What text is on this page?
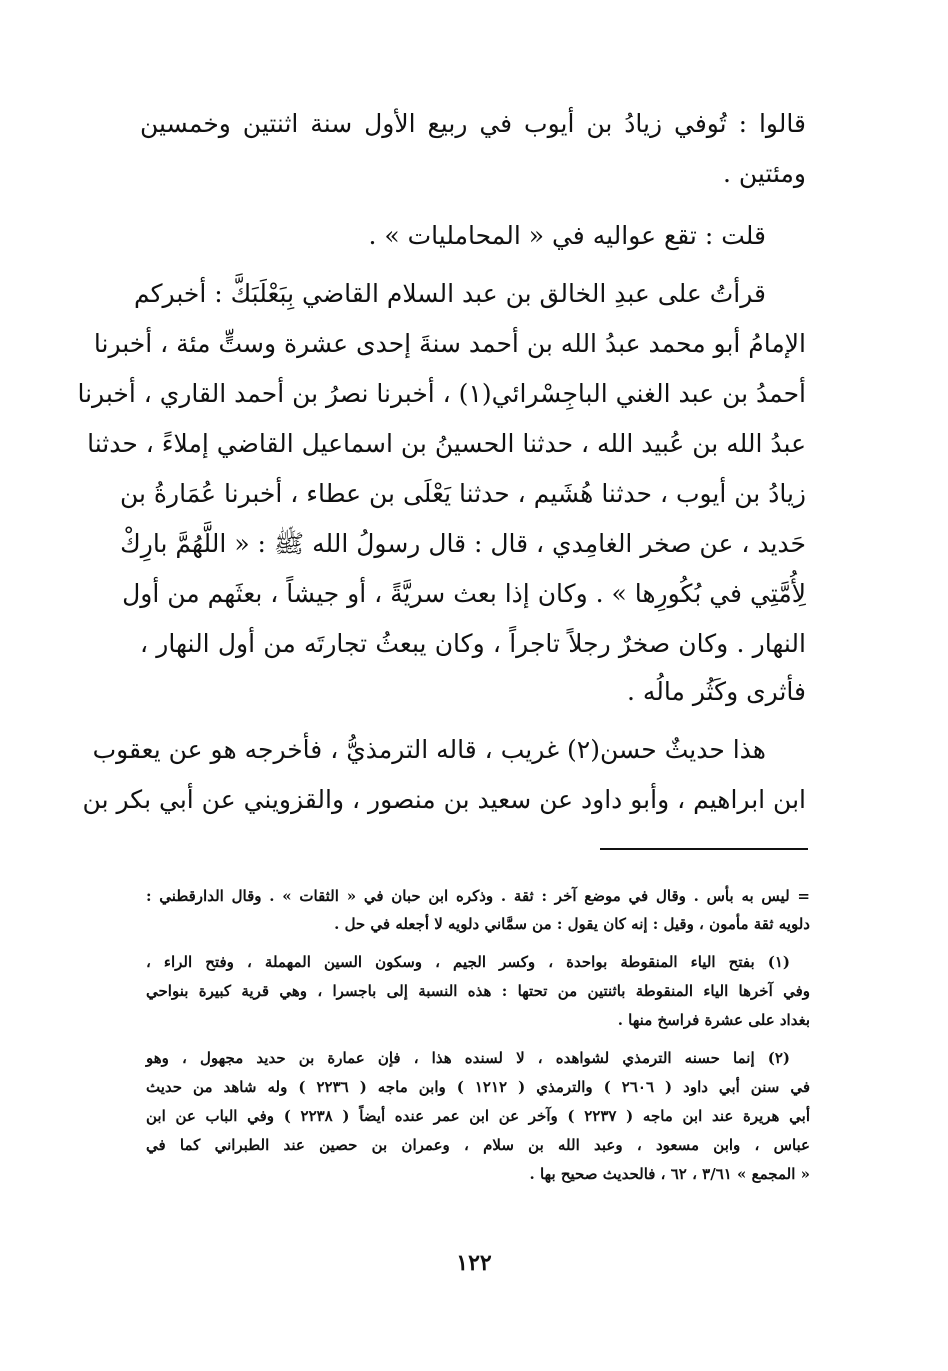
قالوا : تُوفي زيادُ بن أيوب في ربيع الأول سنة اثنتين وخمسين
ومئتين .
قلت : تقع عواليه في « المحامليات » .
قرأتُ على عبدِ الخالق بن عبد السلام القاضي بِبَعْلَبَكَّ : أخبركم
الإمامُ أبو محمد عبدُ الله بن أحمد سنةَ إحدى عشرة وستٍّ مئة ، أخبرنا
أحمدُ بن عبد الغني الباجِسْرائي(١) ، أخبرنا نصرُ بن أحمد القاري ، أخبرنا
عبدُ الله بن عُبيد الله ، حدثنا الحسينُ بن اسماعيل القاضي إملاءً ، حدثنا
زيادُ بن أيوب ، حدثنا هُشَيم ، حدثنا يَعْلَى بن عطاء ، أخبرنا عُمَارةُ بن
حَديد ، عن صخر الغامِدي ، قال : قال رسولُ الله ﷺ : « اللَّهُمَّ بارِكْ
لِأُمَّتِي في بُكُورِها » . وكان إذا بعث سريَّةً ، أو جيشاً ، بعثَهم من أول
النهار . وكان صخرٌ رجلاً تاجراً ، وكان يبعثُ تجارتَه من أول النهار ،
فأثرى وكَثُر مالُه .
هذا حديثٌ حسن(٢) غريب ، قاله الترمذيُّ ، فأخرجه هو عن يعقوب
ابن ابراهيم ، وأبو داود عن سعيد بن منصور ، والقزويني عن أبي بكر بن
= ليس به بأس . وقال في موضع آخر : ثقة . وذكره ابن حبان في « الثقات » . وقال الدارقطني :
دلويه ثقة مأمون ، وقيل : إنه كان يقول : من سمَّاني دلويه لا أجعله في حل .
(١) بفتح الياء المنقوطة بواحدة ، وكسر الجيم ، وسكون السين المهملة ، وفتح الراء ،
وفي آخرها الياء المنقوطة باثنتين من تحتها : هذه النسبة إلى باجسرا ، وهي قرية كبيرة بنواحي
بغداد على عشرة فراسخ منها .
(٢) إنما حسنه الترمذي لشواهده ، لا لسنده هذا ، فإن عمارة بن حديد مجهول ، وهو
في سنن أبي داود ( ٢٦٠٦ ) والترمذي ( ١٢١٢ ) وابن ماجه ( ٢٢٣٦ ) وله شاهد من حديث
أبي هريرة عند ابن ماجه ( ٢٢٣٧ ) وآخر عن ابن عمر عنده أيضاً ( ٢٢٣٨ ) وفي الباب عن ابن
عباس ، وابن مسعود ، وعبد الله بن سلام ، وعمران بن حصين عند الطبراني كما في
« المجمع » ٣/٦١ ، ٦٢ ، فالحديث صحيح بها .
١٢٢
